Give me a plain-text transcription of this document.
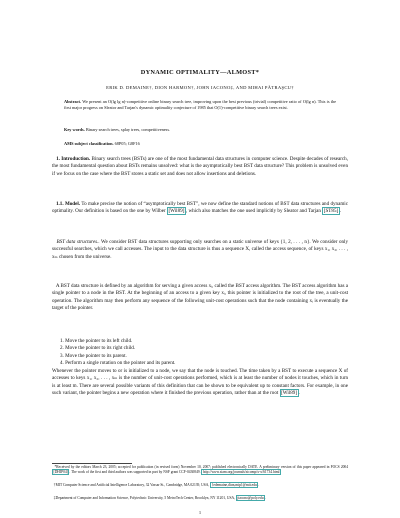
DYNAMIC OPTIMALITY—ALMOST*
ERIK D. DEMAINE†, DION HARMON†, JOHN IACONO‡, AND MIHAI PĂTRAŞCU†
Abstract. We present an O(lg lg n)-competitive online binary search tree, improving upon the best previous (trivial) competitive ratio of O(lg n). This is the first major progress on Sleator and Tarjan's dynamic optimality conjecture of 1985 that O(1)-competitive binary search trees exist.
Key words. Binary search trees, splay trees, competitiveness.
AMS subject classification. 68P05; G8F16
1. Introduction. Binary search trees (BSTs) are one of the most fundamental data structures in computer science. Despite decades of research, the most fundamental question about BSTs remains unsolved: what is the asymptotically best BST data structure? This problem is unsolved even if we focus on the case where the BST stores a static set and does not allow insertions and deletions.
1.1. Model. To make precise the notion of “asymptotically best BST”, we now define the standard notions of BST data structures and dynamic optimality. Our definition is based on the one by Wilber [Wil89] , which also matches the one used implicitly by Sleator and Tarjan [ST85] .
BST data structures.. We consider BST data structures supporting only searches on a static universe of keys {1, 2, . . . , n}. We consider only successful searches, which we call accesses. The input to the data structure is thus a sequence X, called the access sequence, of keys x₁, x₂, . . . , xₘ chosen from the universe.
A BST data structure is defined by an algorithm for serving a given access xᵢ, called the BST access algorithm. The BST access algorithm has a single pointer to a node in the BST. At the beginning of an access to a given key xᵢ, this pointer is initialized to the root of the tree, a unit-cost operation. The algorithm may then perform any sequence of the following unit-cost operations such that the node containing xᵢ is eventually the target of the pointer.
1. Move the pointer to its left child.
2. Move the pointer to its right child.
3. Move the pointer to its parent.
4. Perform a single rotation on the pointer and its parent.
Whenever the pointer moves to or is initialized to a node, we say that the node is touched. The time taken by a BST to execute a sequence X of accesses to keys x₁, x₂, . . . , xₘ is the number of unit-cost operations performed, which is at least the number of nodes it touches, which in turn is at least m. There are several possible variants of this definition that can be shown to be equivalent up to constant factors. For example, in one such variant, the pointer begins a new operation where it finished the previous operation, rather than at the root [Wil89] .
*Received by the editors March 23, 2005; accepted for publication (in revised form) November 10, 2007; published electronically DATE. A preliminary version of this paper appeared in FOCS 2004 [DHIP04] . The work of the first and third authors was supported in part by NSF grant CCF-0430849. http://www.siam.org/journals/sicomp/x-x/61734.html
†MIT Computer Science and Artificial Intelligence Laboratory, 32 Vassar St., Cambridge, MA 02139, USA, {edemaine,dion,mip}@mit.edu .
‡Department of Computer and Information Science, Polytechnic University, 5 MetroTech Center, Brooklyn, NY 11201, USA, jiacono@poly.edu .
1
